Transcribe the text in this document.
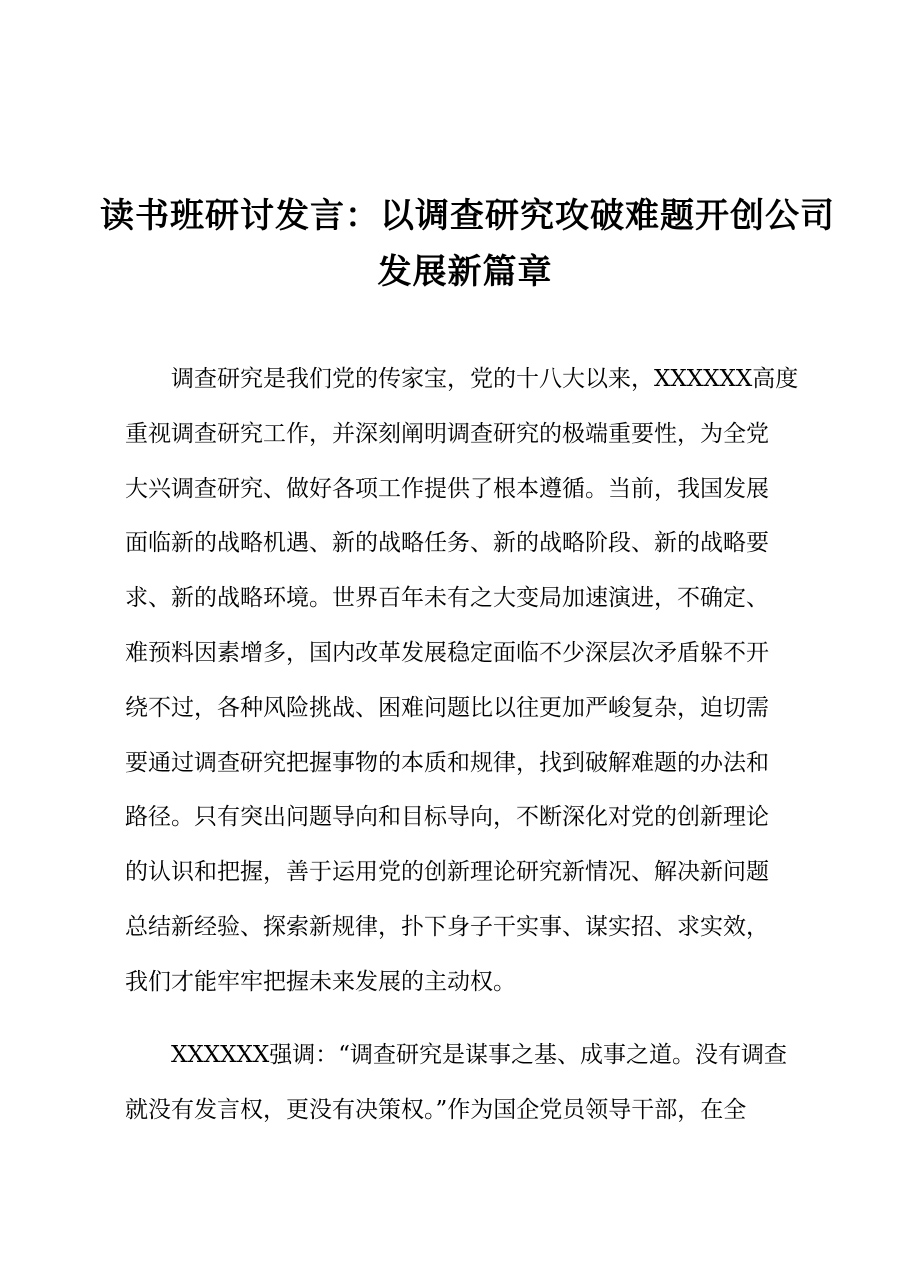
读书班研讨发言：以调查研究攻破难题开创公司
发展新篇章
调查研究是我们党的传家宝，党的十八大以来，XXXXXX高度
重视调查研究工作，并深刻阐明调查研究的极端重要性，为全党
大兴调查研究、做好各项工作提供了根本遵循。当前，我国发展
面临新的战略机遇、新的战略任务、新的战略阶段、新的战略要
求、新的战略环境。世界百年未有之大变局加速演进，不确定、
难预料因素增多，国内改革发展稳定面临不少深层次矛盾躲不开
绕不过，各种风险挑战、困难问题比以往更加严峻复杂，迫切需
要通过调查研究把握事物的本质和规律，找到破解难题的办法和
路径。只有突出问题导向和目标导向，不断深化对党的创新理论
的认识和把握，善于运用党的创新理论研究新情况、解决新问题
总结新经验、探索新规律，扑下身子干实事、谋实招、求实效，
我们才能牢牢把握未来发展的主动权。
XXXXXX强调：“调查研究是谋事之基、成事之道。没有调查
就没有发言权，更没有决策权。”作为国企党员领导干部，在全
